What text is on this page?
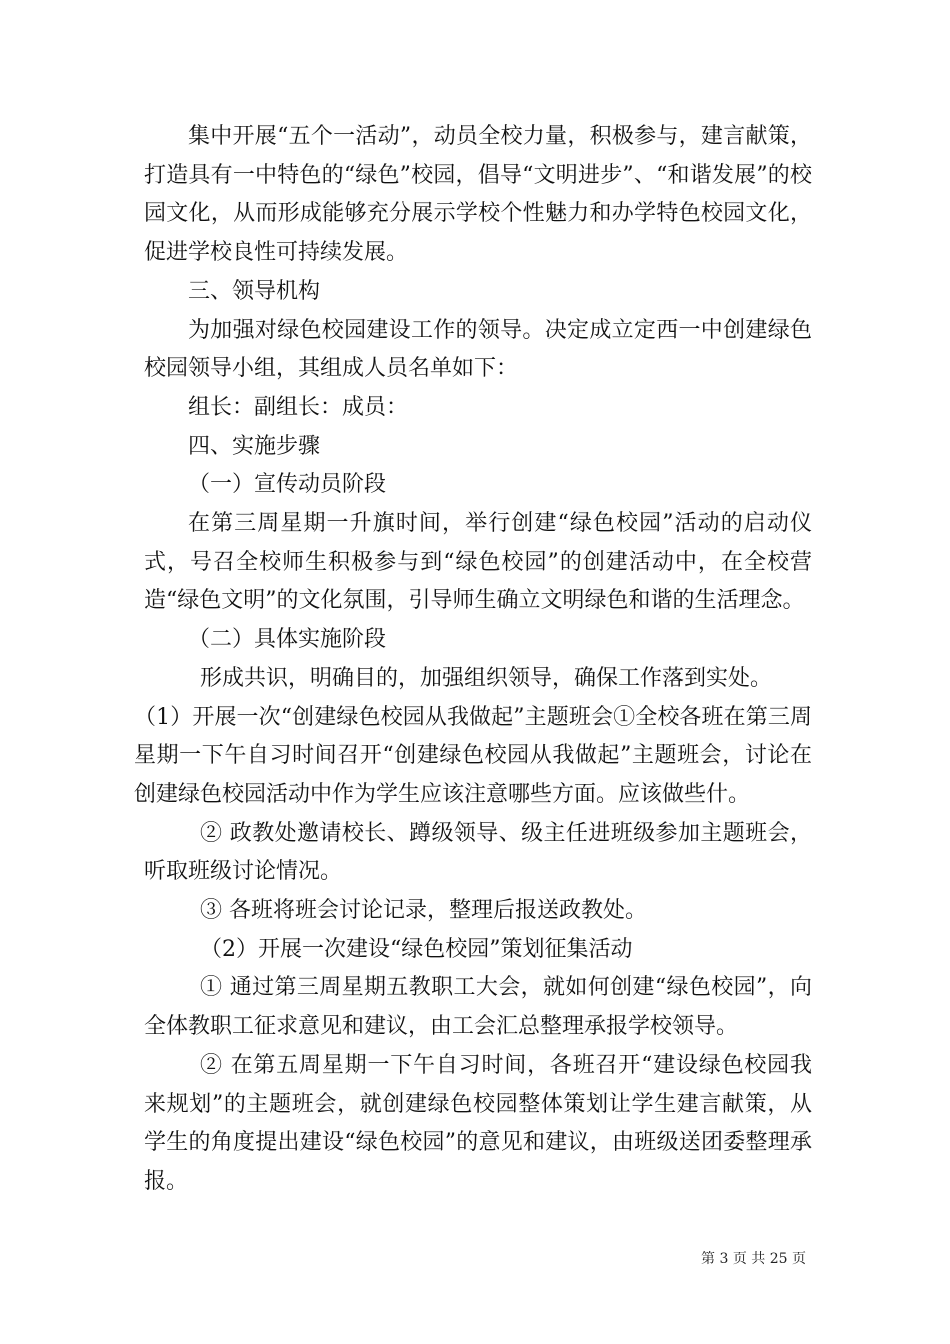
集中开展“五个一活动”，动员全校力量，积极参与，建言献策，打造具有一中特色的“绿色”校园，倡导“文明进步”、“和谐发展”的校园文化，从而形成能够充分展示学校个性魅力和办学特色校园文化，促进学校良性可持续发展。

三、领导机构

为加强对绿色校园建设工作的领导。决定成立定西一中创建绿色校园领导小组，其组成人员名单如下：

组长：副组长：成员：

四、实施步骤

（一）宣传动员阶段

在第三周星期一升旗时间，举行创建“绿色校园”活动的启动仪式，号召全校师生积极参与到“绿色校园”的创建活动中，在全校营造“绿色文明”的文化氛围，引导师生确立文明绿色和谐的生活理念。

（二）具体实施阶段

形成共识，明确目的，加强组织领导，确保工作落到实处。

（1）开展一次“创建绿色校园从我做起”主题班会①全校各班在第三周星期一下午自习时间召开“创建绿色校园从我做起”主题班会，讨论在创建绿色校园活动中作为学生应该注意哪些方面。应该做些什。

② 政教处邀请校长、蹲级领导、级主任进班级参加主题班会，听取班级讨论情况。

③ 各班将班会讨论记录，整理后报送政教处。

（2）开展一次建设“绿色校园”策划征集活动

① 通过第三周星期五教职工大会，就如何创建“绿色校园”，向全体教职工征求意见和建议，由工会汇总整理承报学校领导。

② 在第五周星期一下午自习时间，各班召开“建设绿色校园我来规划”的主题班会，就创建绿色校园整体策划让学生建言献策，从学生的角度提出建设“绿色校园”的意见和建议，由班级送团委整理承报。

第 3 页 共 25 页
